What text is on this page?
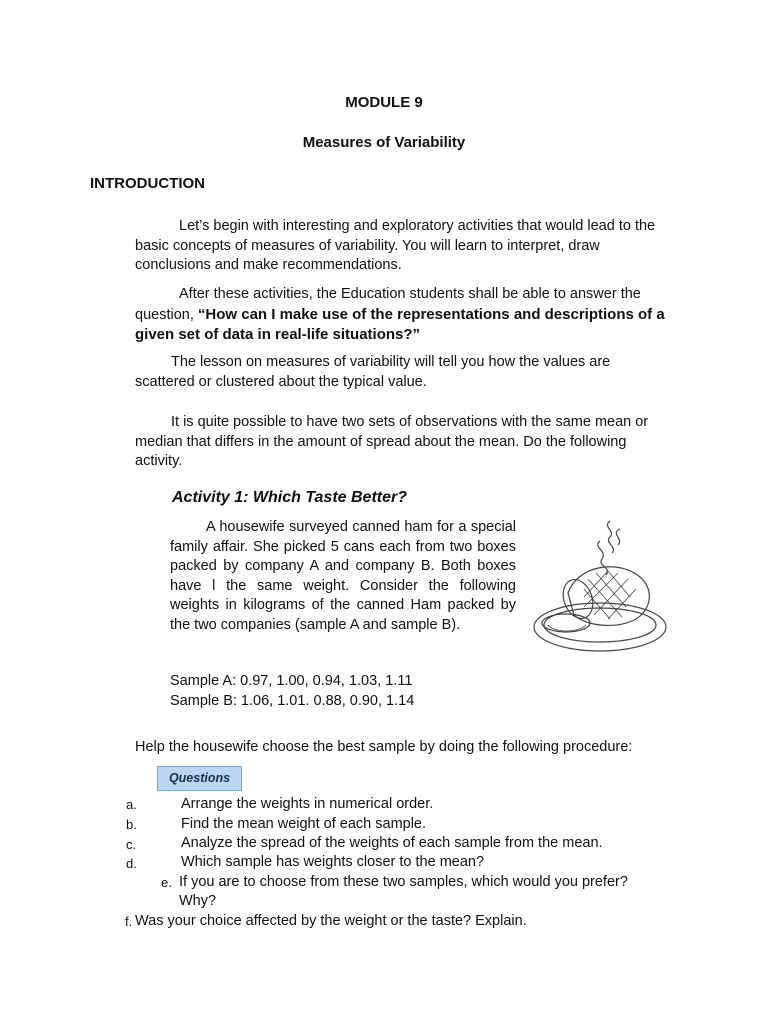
MODULE 9
Measures of Variability
INTRODUCTION
Let’s begin with interesting and exploratory activities that would lead to the basic concepts of measures of variability. You will learn to interpret, draw conclusions and make recommendations.
After these activities, the Education students shall be able to answer the question, “How can I make use of the representations and descriptions of a given set of data in real-life situations?”
The lesson on measures of variability will tell you how the values are scattered or clustered about the typical value.
It is quite possible to have two sets of observations with the same mean or median that differs in the amount of spread about the mean. Do the following activity.
Activity 1: Which Taste Better?
A housewife surveyed canned ham for a special family affair. She picked 5 cans each from two boxes packed by company A and company B. Both boxes have l the same weight. Consider the following weights in kilograms of the canned Ham packed by the two companies (sample A and sample B).
Sample A: 0.97, 1.00, 0.94, 1.03, 1.11
Sample B: 1.06, 1.01. 0.88, 0.90, 1.14
Help the housewife choose the best sample by doing the following procedure:
Questions
a.	Arrange the weights in numerical order.
b.	Find the mean weight of each sample.
c.	Analyze the spread of the weights of each sample from the mean.
d.	Which sample has weights closer to the mean?
e. If you are to choose from these two samples, which would you prefer?
Why?
f. Was your choice affected by the weight or the taste? Explain.
